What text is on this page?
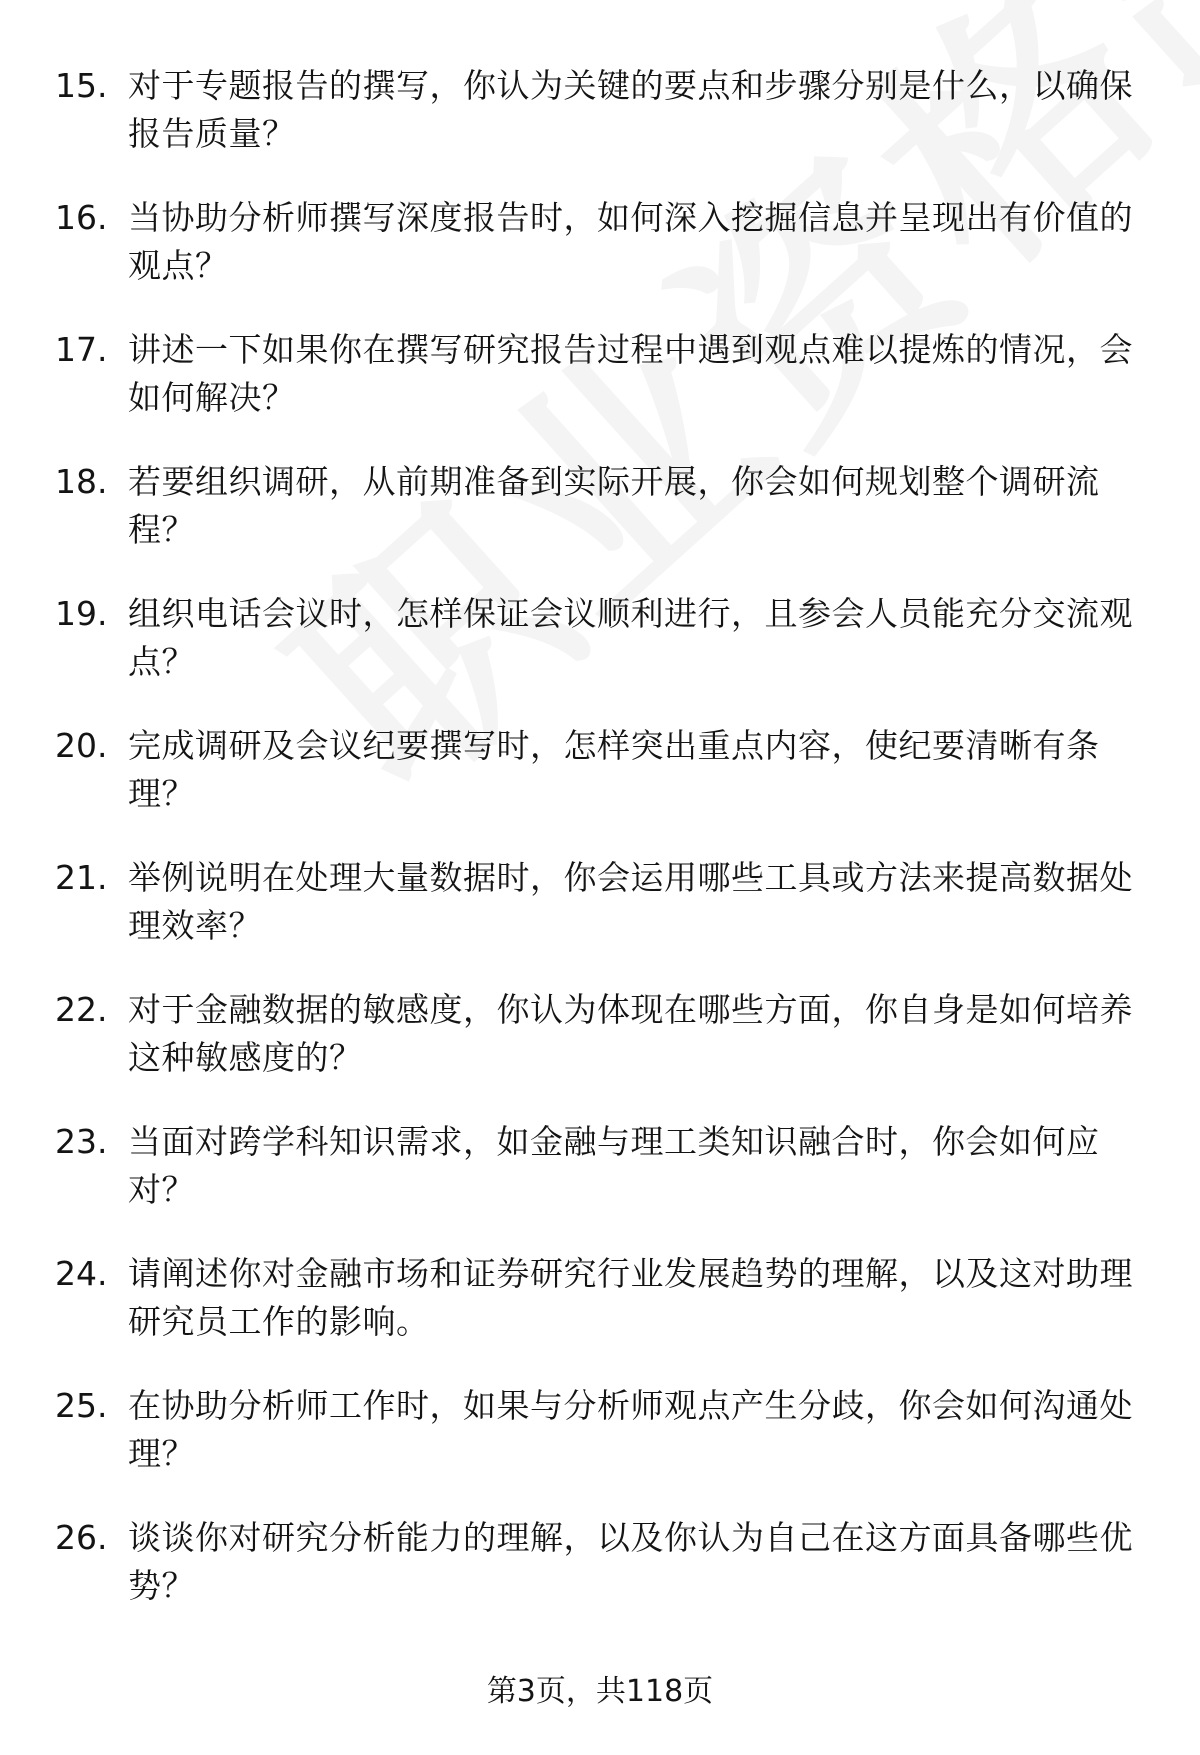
15. 对于专题报告的撰写，你认为关键的要点和步骤分别是什么，以确保报告质量？
16. 当协助分析师撰写深度报告时，如何深入挖掘信息并呈现出有价值的观点？
17. 讲述一下如果你在撰写研究报告过程中遇到观点难以提炼的情况，会如何解决？
18. 若要组织调研，从前期准备到实际开展，你会如何规划整个调研流程？
19. 组织电话会议时，怎样保证会议顺利进行，且参会人员能充分交流观点？
20. 完成调研及会议纪要撰写时，怎样突出重点内容，使纪要清晰有条理？
21. 举例说明在处理大量数据时，你会运用哪些工具或方法来提高数据处理效率？
22. 对于金融数据的敏感度，你认为体现在哪些方面，你自身是如何培养这种敏感度的？
23. 当面对跨学科知识需求，如金融与理工类知识融合时，你会如何应对？
24. 请阐述你对金融市场和证券研究行业发展趋势的理解，以及这对助理研究员工作的影响。
25. 在协助分析师工作时，如果与分析师观点产生分歧，你会如何沟通处理？
26. 谈谈你对研究分析能力的理解，以及你认为自己在这方面具备哪些优势？
第3页，共118页
